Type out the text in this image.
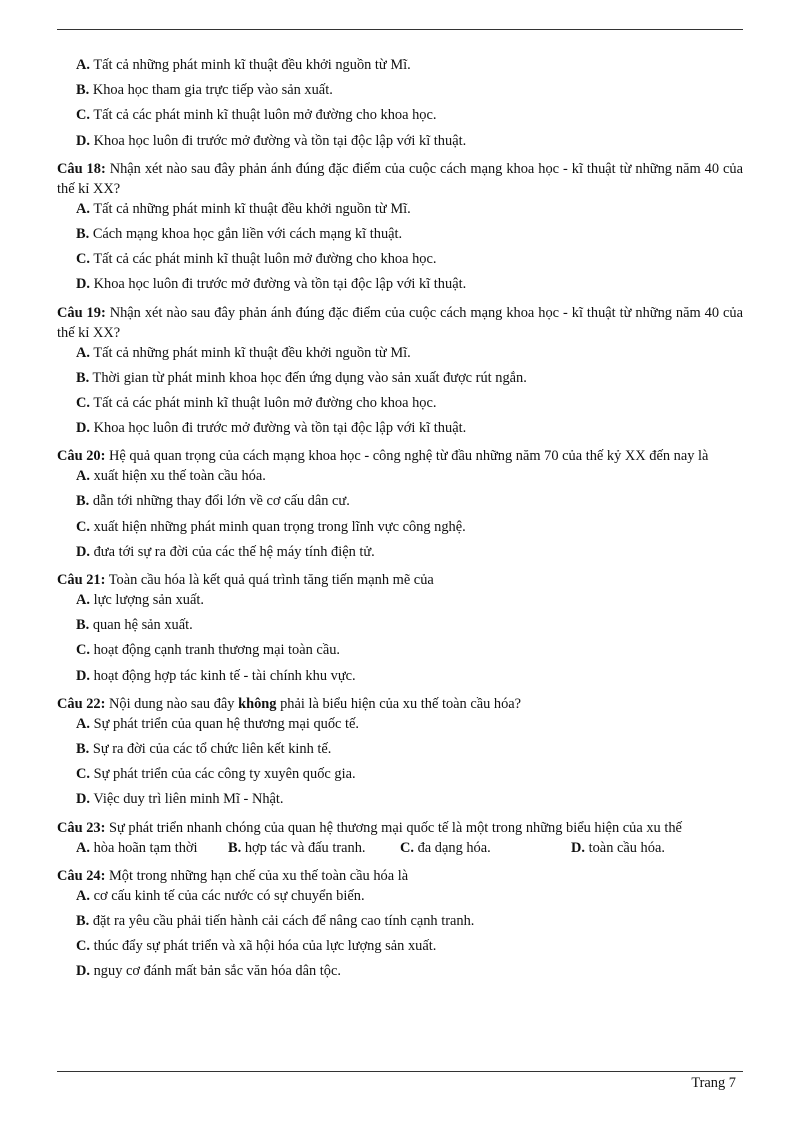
A. Tất cả những phát minh kĩ thuật đều khởi nguồn từ Mĩ.
B. Khoa học tham gia trực tiếp vào sản xuất.
C. Tất cả các phát minh kĩ thuật luôn mở đường cho khoa học.
D. Khoa học luôn đi trước mở đường và tồn tại độc lập với kĩ thuật.
Câu 18: Nhận xét nào sau đây phản ánh đúng đặc điểm của cuộc cách mạng khoa học - kĩ thuật từ những năm 40 của thế kỉ XX?
A. Tất cả những phát minh kĩ thuật đều khởi nguồn từ Mĩ.
B. Cách mạng khoa học gắn liền với cách mạng kĩ thuật.
C. Tất cả các phát minh kĩ thuật luôn mở đường cho khoa học.
D. Khoa học luôn đi trước mở đường và tồn tại độc lập với kĩ thuật.
Câu 19: Nhận xét nào sau đây phản ánh đúng đặc điểm của cuộc cách mạng khoa học - kĩ thuật từ những năm 40 của thế kỉ XX?
A. Tất cả những phát minh kĩ thuật đều khởi nguồn từ Mĩ.
B. Thời gian từ phát minh khoa học đến ứng dụng vào sản xuất được rút ngắn.
C. Tất cả các phát minh kĩ thuật luôn mở đường cho khoa học.
D. Khoa học luôn đi trước mở đường và tồn tại độc lập với kĩ thuật.
Câu 20: Hệ quả quan trọng của cách mạng khoa học - công nghệ từ đầu những năm 70 của thế kỷ XX đến nay là
A. xuất hiện xu thế toàn cầu hóa.
B. dẫn tới những thay đổi lớn về cơ cấu dân cư.
C. xuất hiện những phát minh quan trọng trong lĩnh vực công nghệ.
D. đưa tới sự ra đời của các thế hệ máy tính điện tử.
Câu 21: Toàn cầu hóa là kết quả quá trình tăng tiến mạnh mẽ của
A. lực lượng sản xuất.
B. quan hệ sản xuất.
C. hoạt động cạnh tranh thương mại toàn cầu.
D. hoạt động hợp tác kinh tế - tài chính khu vực.
Câu 22: Nội dung nào sau đây không phải là biểu hiện của xu thế toàn cầu hóa?
A. Sự phát triển của quan hệ thương mại quốc tế.
B. Sự ra đời của các tổ chức liên kết kinh tế.
C. Sự phát triển của các công ty xuyên quốc gia.
D. Việc duy trì liên minh Mĩ - Nhật.
Câu 23: Sự phát triển nhanh chóng của quan hệ thương mại quốc tế là một trong những biểu hiện của xu thế
A. hòa hoãn tạm thời B. hợp tác và đấu tranh. C. đa dạng hóa.	D. toàn cầu hóa.
Câu 24: Một trong những hạn chế của xu thế toàn cầu hóa là
A. cơ cấu kinh tế của các nước có sự chuyển biến.
B. đặt ra yêu cầu phải tiến hành cải cách để nâng cao tính cạnh tranh.
C. thúc đẩy sự phát triển và xã hội hóa của lực lượng sản xuất.
D. nguy cơ đánh mất bản sắc văn hóa dân tộc.
Trang 7
